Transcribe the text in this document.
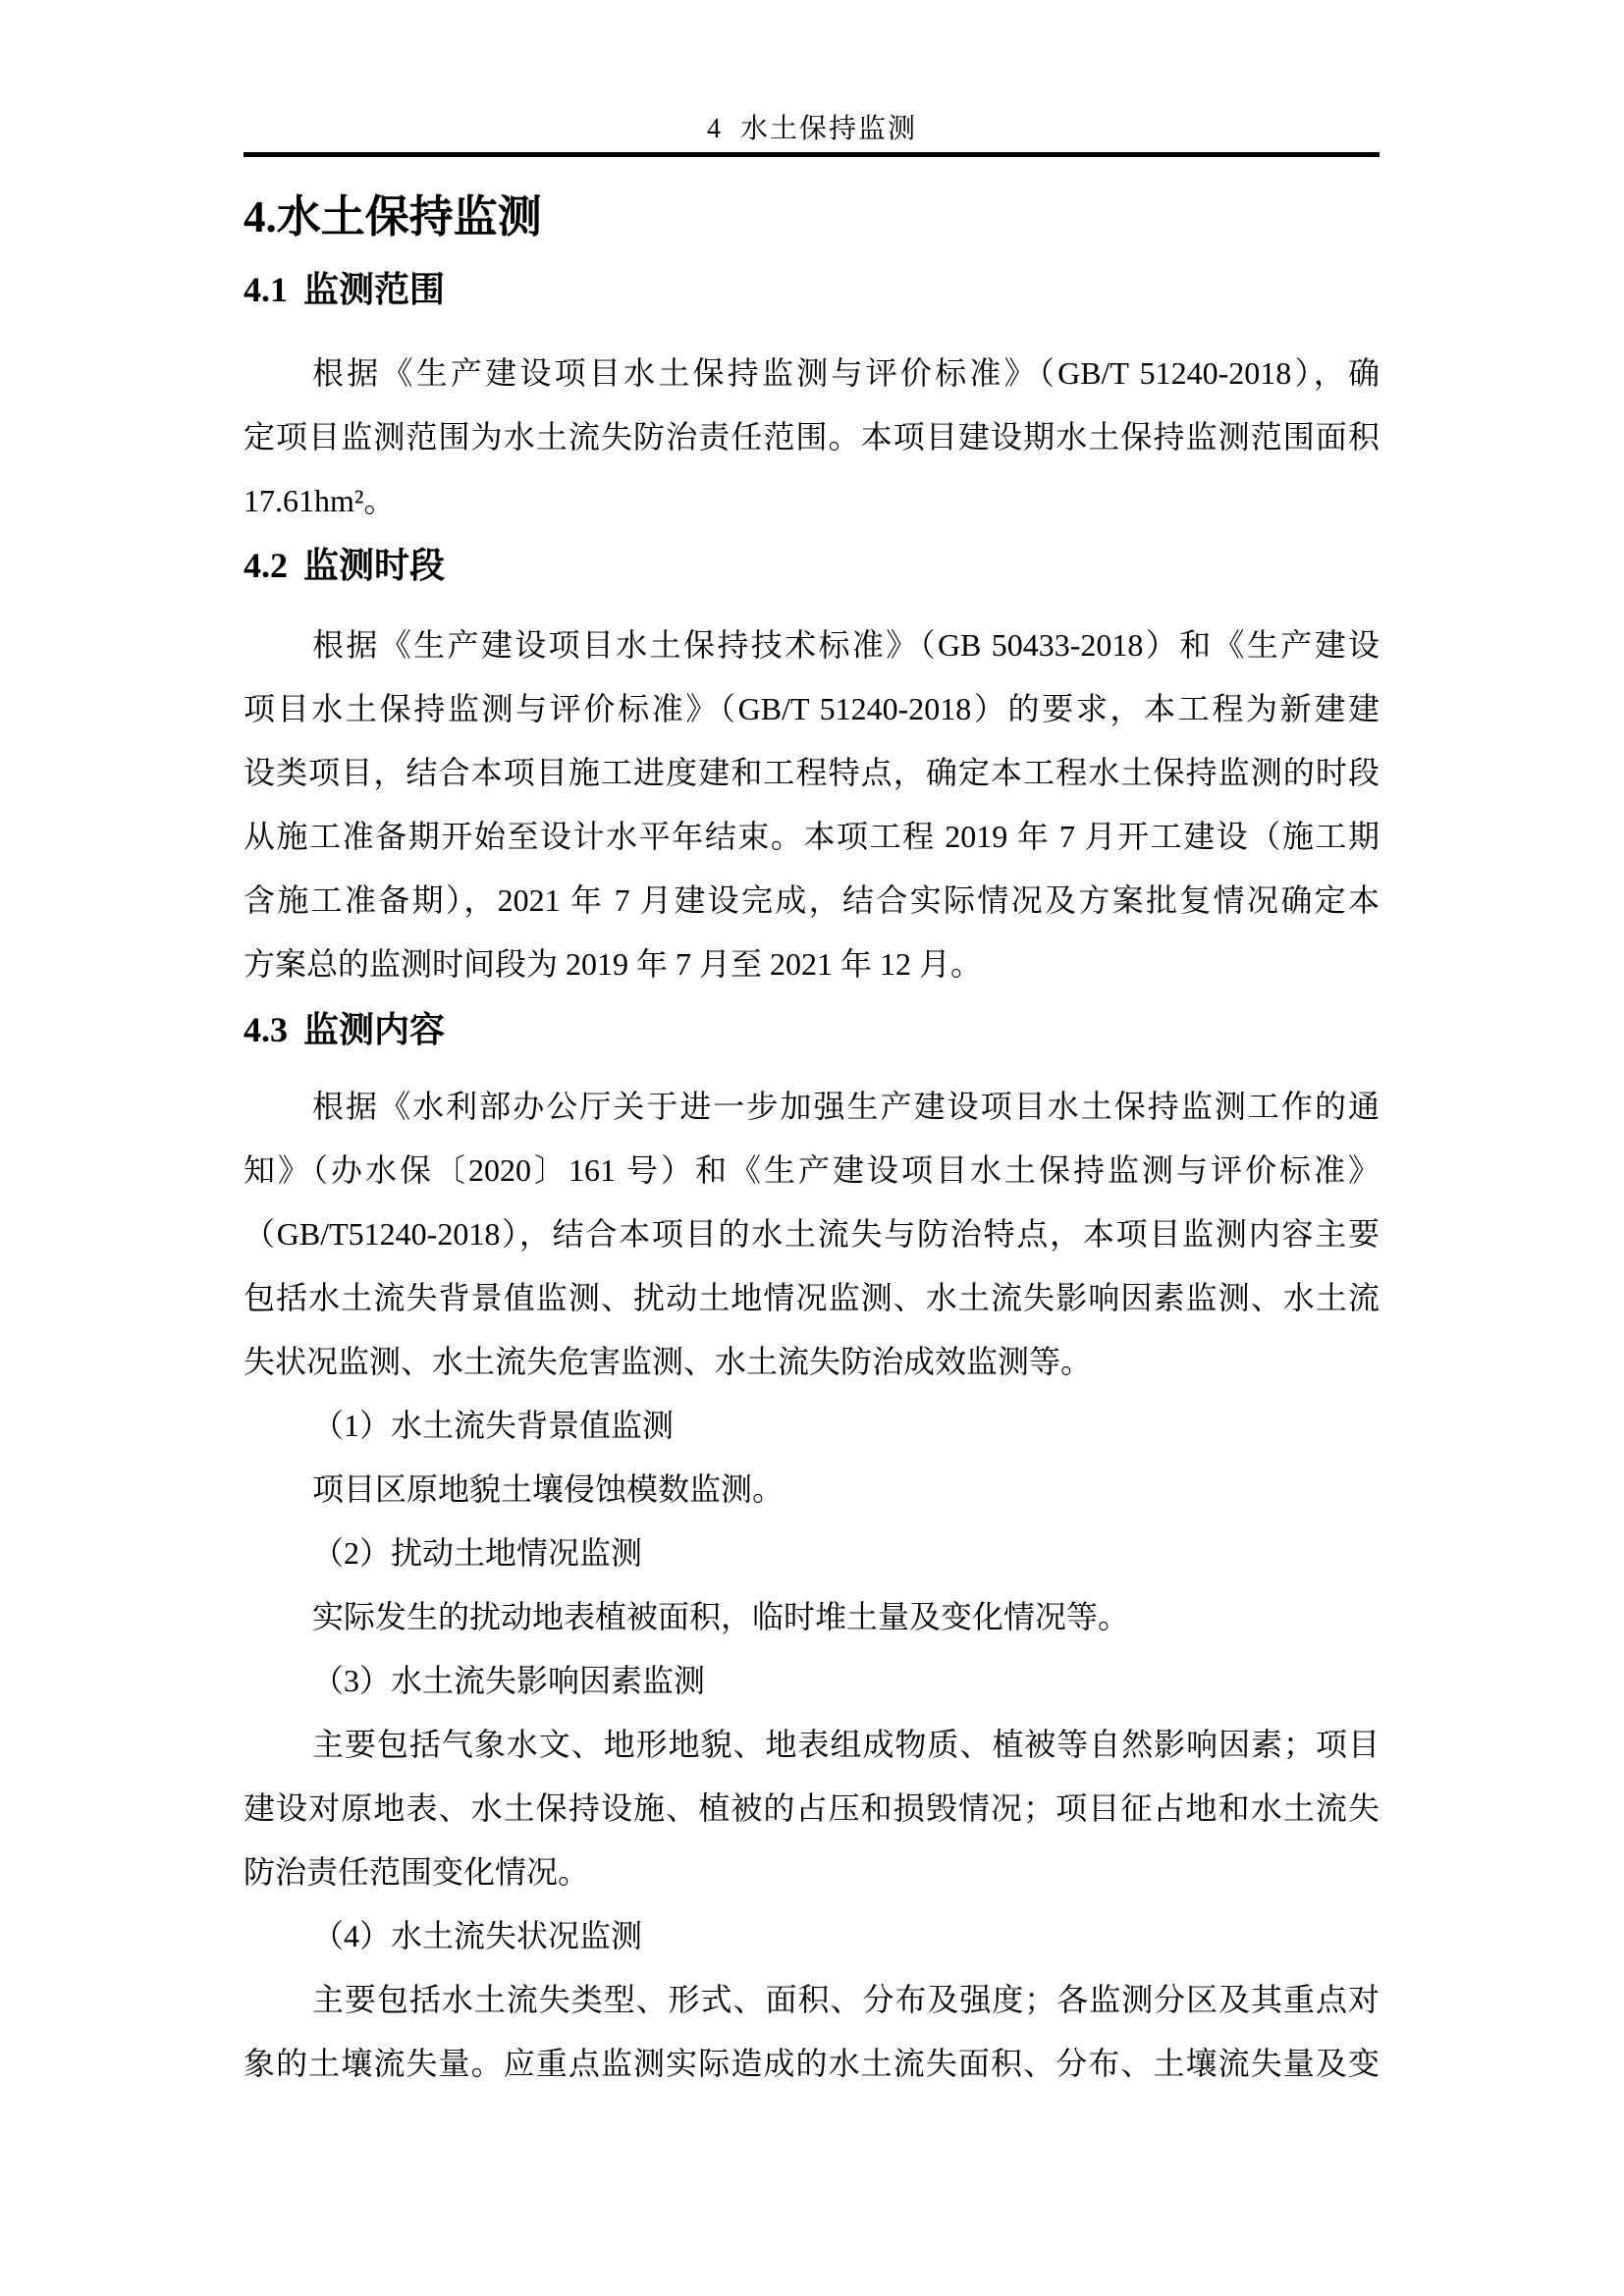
4 水土保持监测
4.水土保持监测
4.1 监测范围
根据《生产建设项目水土保持监测与评价标准》（GB/T 51240-2018），确
定项目监测范围为水土流失防治责任范围。本项目建设期水土保持监测范围面积
17.61hm²。
4.2 监测时段
根据《生产建设项目水土保持技术标准》（GB 50433-2018）和《生产建设
项目水土保持监测与评价标准》（GB/T 51240-2018）的要求，本工程为新建建
设类项目，结合本项目施工进度建和工程特点，确定本工程水土保持监测的时段
从施工准备期开始至设计水平年结束。本项工程 2019 年 7 月开工建设（施工期
含施工准备期），2021 年 7 月建设完成，结合实际情况及方案批复情况确定本
方案总的监测时间段为 2019 年 7 月至 2021 年 12 月。
4.3 监测内容
根据《水利部办公厅关于进一步加强生产建设项目水土保持监测工作的通
知》（办水保〔2020〕161 号）和《生产建设项目水土保持监测与评价标准》
（GB/T51240-2018），结合本项目的水土流失与防治特点，本项目监测内容主要
包括水土流失背景值监测、扰动土地情况监测、水土流失影响因素监测、水土流
失状况监测、水土流失危害监测、水土流失防治成效监测等。
（1）水土流失背景值监测
项目区原地貌土壤侵蚀模数监测。
（2）扰动土地情况监测
实际发生的扰动地表植被面积，临时堆土量及变化情况等。
（3）水土流失影响因素监测
主要包括气象水文、地形地貌、地表组成物质、植被等自然影响因素；项目
建设对原地表、水土保持设施、植被的占压和损毁情况；项目征占地和水土流失
防治责任范围变化情况。
（4）水土流失状况监测
主要包括水土流失类型、形式、面积、分布及强度；各监测分区及其重点对
象的土壤流失量。应重点监测实际造成的水土流失面积、分布、土壤流失量及变
